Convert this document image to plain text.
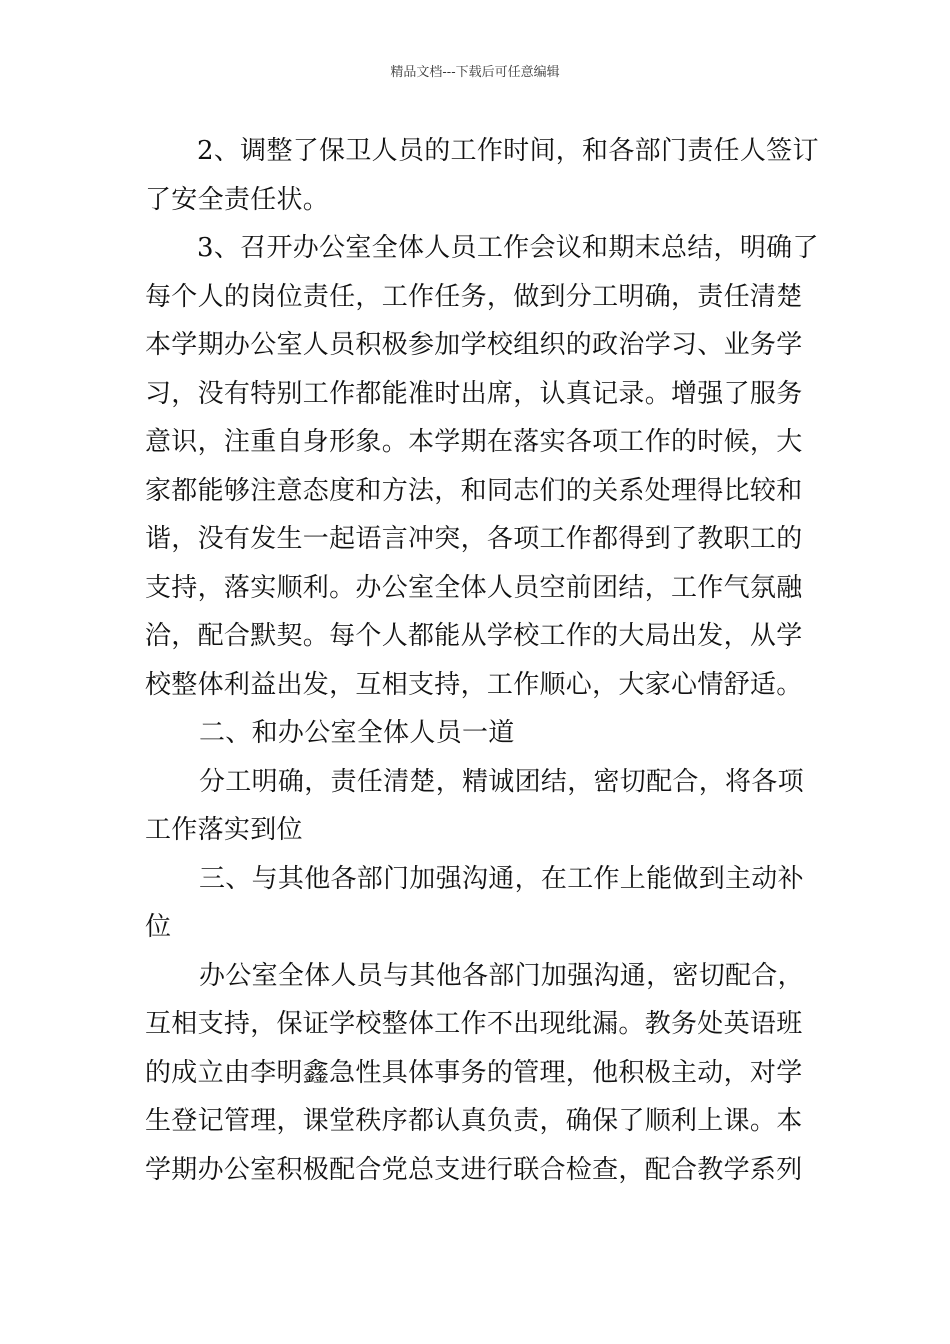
精品文档---下载后可任意编辑
2、调整了保卫人员的工作时间，和各部门责任人签订
了安全责任状。
3、召开办公室全体人员工作会议和期末总结，明确了
每个人的岗位责任，工作任务，做到分工明确，责任清楚
本学期办公室人员积极参加学校组织的政治学习、业务学
习，没有特别工作都能准时出席，认真记录。增强了服务
意识，注重自身形象。本学期在落实各项工作的时候，大
家都能够注意态度和方法，和同志们的关系处理得比较和
谐，没有发生一起语言冲突，各项工作都得到了教职工的
支持，落实顺利。办公室全体人员空前团结，工作气氛融
洽，配合默契。每个人都能从学校工作的大局出发，从学
校整体利益出发，互相支持，工作顺心，大家心情舒适。
二、和办公室全体人员一道
分工明确，责任清楚，精诚团结，密切配合，将各项
工作落实到位
三、与其他各部门加强沟通，在工作上能做到主动补
位
办公室全体人员与其他各部门加强沟通，密切配合，
互相支持，保证学校整体工作不出现纰漏。教务处英语班
的成立由李明鑫急性具体事务的管理，他积极主动，对学
生登记管理，课堂秩序都认真负责，确保了顺利上课。本
学期办公室积极配合党总支进行联合检查，配合教学系列
